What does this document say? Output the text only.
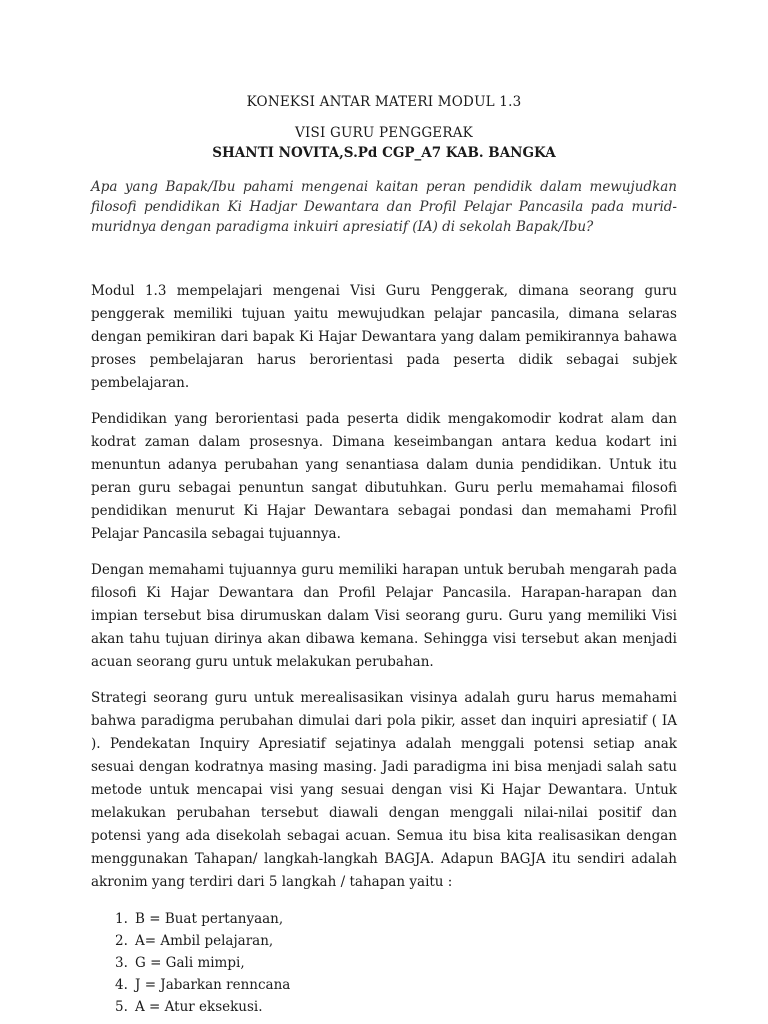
KONEKSI ANTAR MATERI MODUL 1.3
VISI GURU PENGGERAK

SHANTI NOVITA,S.Pd CGP_A7 KAB. BANGKA

Apa yang Bapak/Ibu pahami mengenai kaitan peran pendidik dalam mewujudkan filosofi pendidikan Ki Hadjar Dewantara dan Profil Pelajar Pancasila pada murid-muridnya dengan paradigma inkuiri apresiatif (IA) di sekolah Bapak/Ibu?

Modul 1.3 mempelajari mengenai Visi Guru Penggerak, dimana seorang guru penggerak memiliki tujuan yaitu mewujudkan pelajar pancasila, dimana selaras dengan pemikiran dari bapak Ki Hajar Dewantara yang dalam pemikirannya bahawa proses pembelajaran harus berorientasi pada peserta didik sebagai subjek pembelajaran.

Pendidikan yang berorientasi pada peserta didik mengakomodir kodrat alam dan kodrat zaman dalam prosesnya. Dimana keseimbangan antara kedua kodart ini menuntun adanya perubahan yang senantiasa dalam dunia pendidikan. Untuk itu peran guru sebagai penuntun sangat dibutuhkan. Guru perlu memahamai filosofi pendidikan menurut Ki Hajar Dewantara sebagai pondasi dan memahami Profil Pelajar Pancasila sebagai tujuannya.

Dengan memahami tujuannya guru memiliki harapan untuk berubah mengarah pada filosofi Ki Hajar Dewantara dan Profil Pelajar Pancasila. Harapan-harapan dan impian tersebut bisa dirumuskan dalam Visi seorang guru. Guru yang memiliki Visi akan tahu tujuan dirinya akan dibawa kemana. Sehingga visi tersebut akan menjadi acuan seorang guru untuk melakukan perubahan.

Strategi seorang guru untuk merealisasikan visinya adalah guru harus memahami bahwa paradigma perubahan dimulai dari pola pikir, asset dan inquiri apresiatif ( IA ). Pendekatan Inquiry Apresiatif sejatinya adalah menggali potensi setiap anak sesuai dengan kodratnya masing masing. Jadi paradigma ini bisa menjadi salah satu metode untuk mencapai visi yang sesuai dengan visi Ki Hajar Dewantara. Untuk melakukan perubahan tersebut diawali dengan menggali nilai-nilai positif dan potensi yang ada disekolah sebagai acuan. Semua itu bisa kita realisasikan dengan menggunakan Tahapan/ langkah-langkah BAGJA. Adapun BAGJA itu sendiri adalah akronim yang terdiri dari 5 langkah / tahapan yaitu :

1. B = Buat pertanyaan,
2. A= Ambil pelajaran,
3. G = Gali mimpi,
4. J = Jabarkan renncana
5. A = Atur eksekusi.
